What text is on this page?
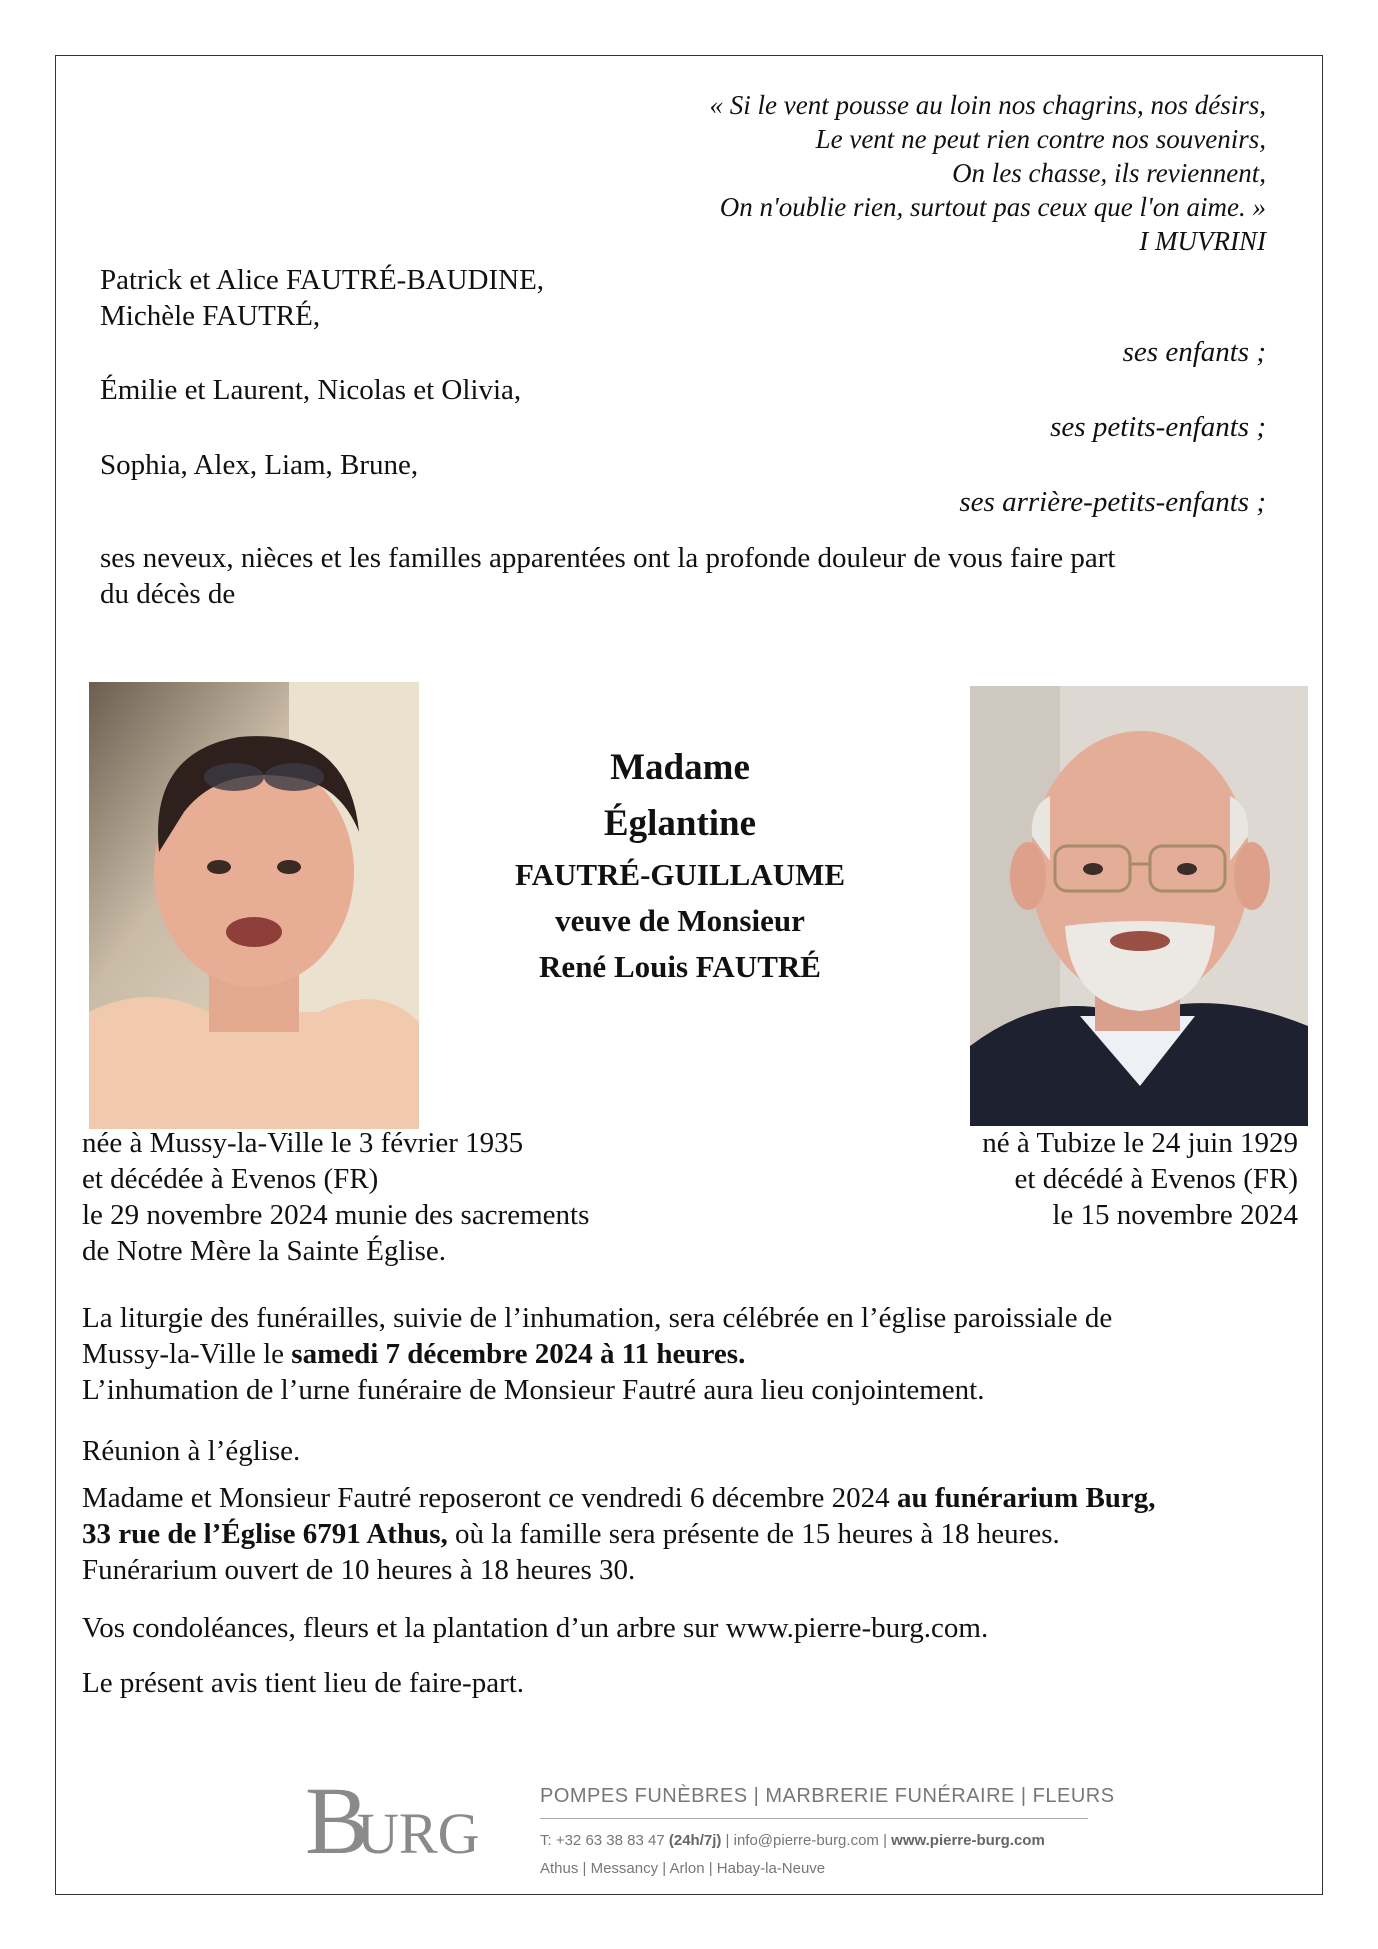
« Si le vent pousse au loin nos chagrins, nos désirs,
Le vent ne peut rien contre nos souvenirs,
On les chasse, ils reviennent,
On n'oublie rien, surtout pas ceux que l'on aime. »
I MUVRINI
Patrick et Alice FAUTRÉ-BAUDINE,
Michèle FAUTRÉ,
ses enfants ;
Émilie et Laurent, Nicolas et Olivia,
ses petits-enfants ;
Sophia, Alex, Liam, Brune,
ses arrière-petits-enfants ;
ses neveux, nièces et les familles apparentées ont la profonde douleur de vous faire part
du décès de
Madame
Églantine
FAUTRÉ-GUILLAUME
veuve de Monsieur
René Louis FAUTRÉ
née à Mussy-la-Ville le 3 février 1935
et décédée à Evenos (FR)
le 29 novembre 2024 munie des sacrements
de Notre Mère la Sainte Église.
né à Tubize le 24 juin 1929
et décédé à Evenos (FR)
le 15 novembre 2024
La liturgie des funérailles, suivie de l’inhumation, sera célébrée en l’église paroissiale de
Mussy-la-Ville le samedi 7 décembre 2024 à 11 heures.
L’inhumation de l’urne funéraire de Monsieur Fautré aura lieu conjointement.
Réunion à l’église.
Madame et Monsieur Fautré reposeront ce vendredi 6 décembre 2024 au funérarium Burg,
33 rue de l’Église 6791 Athus, où la famille sera présente de 15 heures à 18 heures.
Funérarium ouvert de 10 heures à 18 heures 30.
Vos condoléances, fleurs et la plantation d’un arbre sur www.pierre-burg.com.
Le présent avis tient lieu de faire-part.
B
URG
POMPES FUNÈBRES | MARBRERIE FUNÉRAIRE | FLEURS
T: +32 63 38 83 47 (24h/7j) | info@pierre-burg.com | www.pierre-burg.com
Athus | Messancy | Arlon | Habay-la-Neuve
